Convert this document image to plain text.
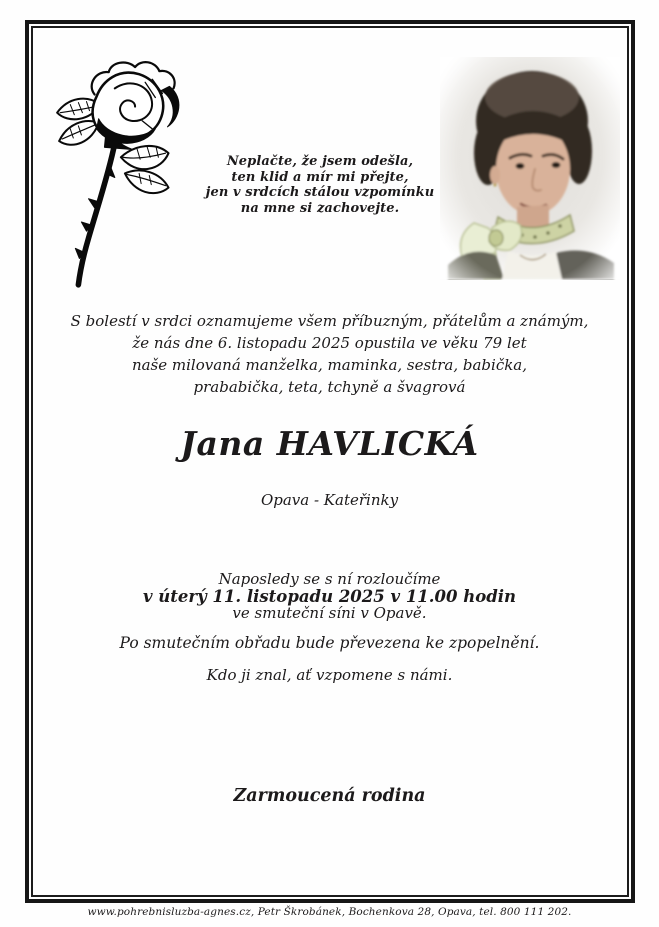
Neplačte, že jsem odešla,
ten klid a mír mi přejte,
jen v srdcích stálou vzpomínku
na mne si zachovejte.
S bolestí v srdci oznamujeme všem příbuzným, přátelům a známým,
že nás dne 6. listopadu 2025 opustila ve věku 79 let
naše milovaná manželka, maminka, sestra, babička,
prababička, teta, tchyně a švagrová
Jana HAVLICKÁ
Opava - Kateřinky
Naposledy se s ní rozloučíme
v úterý 11. listopadu 2025 v 11.00 hodin
ve smuteční síni v Opavě.
Po smutečním obřadu bude převezena ke zpopelnění.
Kdo ji znal, ať vzpomene s námi.
Zarmoucená rodina
www.pohrebnisluzba-agnes.cz, Petr Škrobánek, Bochenkova 28, Opava, tel. 800 111 202.
